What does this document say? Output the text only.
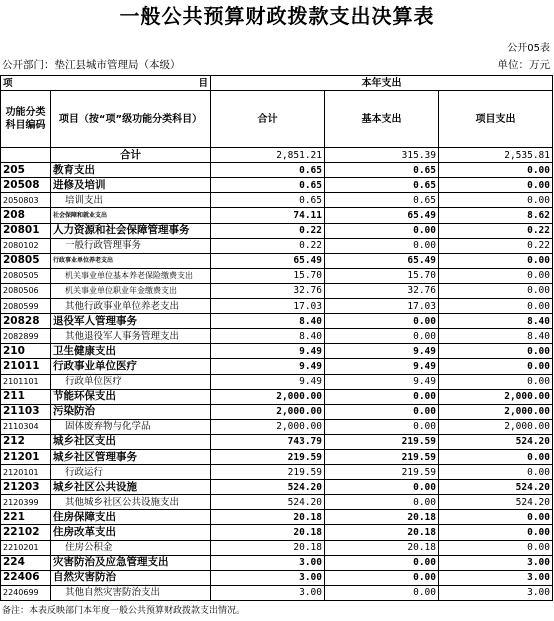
一般公共预算财政拨款支出决算表
公开05表
公开部门：垫江县城市管理局（本级）	单位：万元
项	目	本年支出		
功能分类科目编码	项目（按“项”级功能分类科目）	合计	基本支出	项目支出
	合计	2,851.21	315.39	2,535.81
205	教育支出	0.65	0.65	0.00
20508	进修及培训	0.65	0.65	0.00
2050803	培训支出	0.65	0.65	0.00
208	社会保障和就业支出	74.11	65.49	8.62
20801	人力资源和社会保障管理事务	0.22	0.00	0.22
2080102	一般行政管理事务	0.22	0.00	0.22
20805	行政事业单位养老支出	65.49	65.49	0.00
2080505	机关事业单位基本养老保险缴费支出	15.70	15.70	0.00
2080506	机关事业单位职业年金缴费支出	32.76	32.76	0.00
2080599	其他行政事业单位养老支出	17.03	17.03	0.00
20828	退役军人管理事务	8.40	0.00	8.40
2082899	其他退役军人事务管理支出	8.40	0.00	8.40
210	卫生健康支出	9.49	9.49	0.00
21011	行政事业单位医疗	9.49	9.49	0.00
2101101	行政单位医疗	9.49	9.49	0.00
211	节能环保支出	2,000.00	0.00	2,000.00
21103	污染防治	2,000.00	0.00	2,000.00
2110304	固体废弃物与化学品	2,000.00	0.00	2,000.00
212	城乡社区支出	743.79	219.59	524.20
21201	城乡社区管理事务	219.59	219.59	0.00
2120101	行政运行	219.59	219.59	0.00
21203	城乡社区公共设施	524.20	0.00	524.20
2120399	其他城乡社区公共设施支出	524.20	0.00	524.20
221	住房保障支出	20.18	20.18	0.00
22102	住房改革支出	20.18	20.18	0.00
2210201	住房公积金	20.18	20.18	0.00
224	灾害防治及应急管理支出	3.00	0.00	3.00
22406	自然灾害防治	3.00	0.00	3.00
2240699	其他自然灾害防治支出	3.00	0.00	3.00
备注：本表反映部门本年度一般公共预算财政拨款支出情况。
